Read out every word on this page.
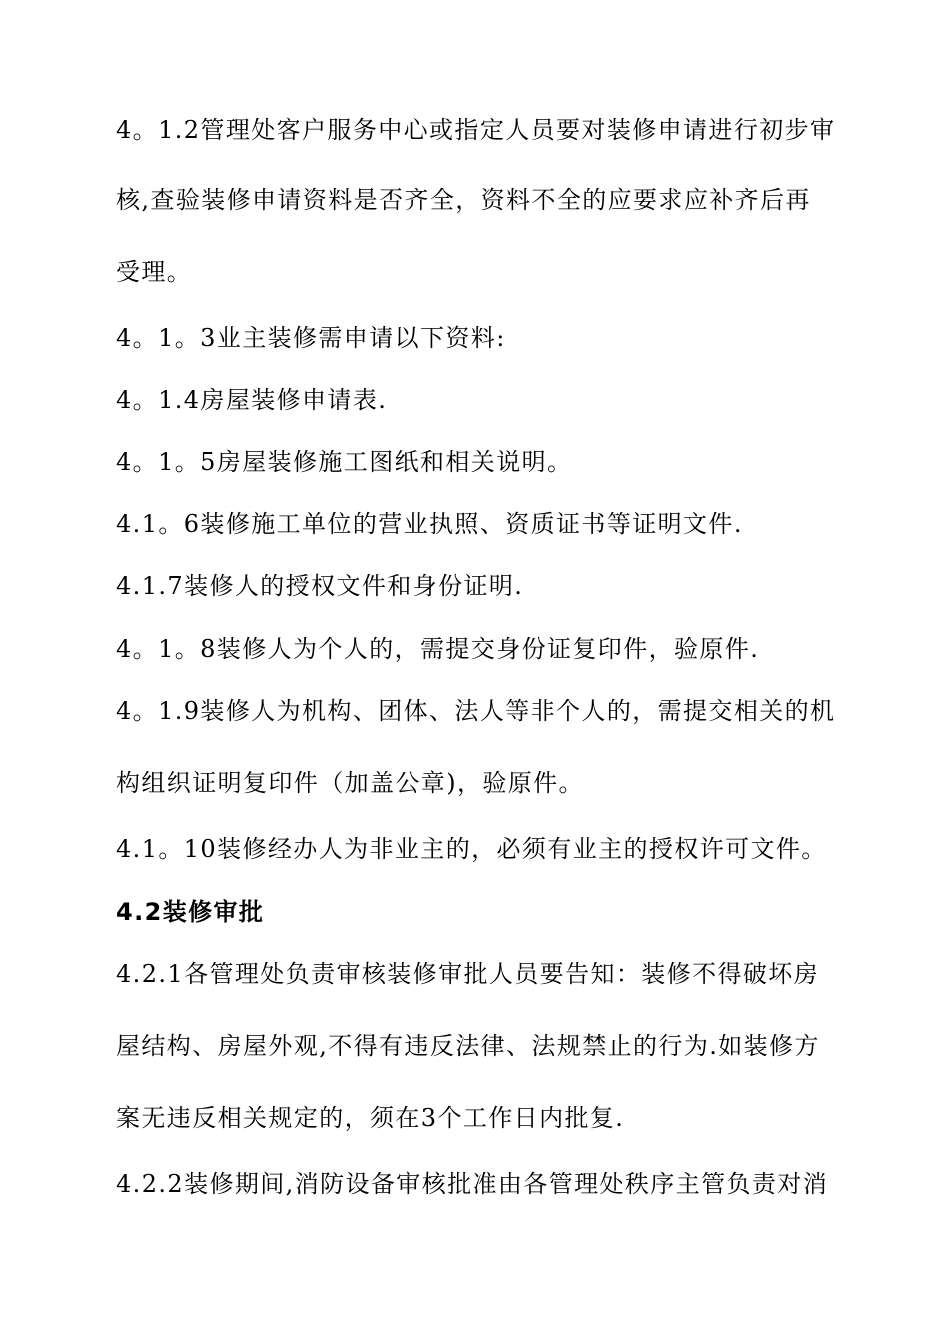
4。1.2管理处客户服务中心或指定人员要对装修申请进行初步审
核,查验装修申请资料是否齐全，资料不全的应要求应补齐后再
受理。
4。1。3业主装修需申请以下资料:
4。1.4房屋装修申请表.
4。1。5房屋装修施工图纸和相关说明。
4.1。6装修施工单位的营业执照、资质证书等证明文件.
4.1.7装修人的授权文件和身份证明.
4。1。8装修人为个人的，需提交身份证复印件，验原件.
4。1.9装修人为机构、团体、法人等非个人的，需提交相关的机
构组织证明复印件（加盖公章)，验原件。
4.1。10装修经办人为非业主的，必须有业主的授权许可文件。
4.2装修审批
4.2.1各管理处负责审核装修审批人员要告知：装修不得破坏房
屋结构、房屋外观,不得有违反法律、法规禁止的行为.如装修方
案无违反相关规定的，须在3个工作日内批复.
4.2.2装修期间,消防设备审核批准由各管理处秩序主管负责对消
